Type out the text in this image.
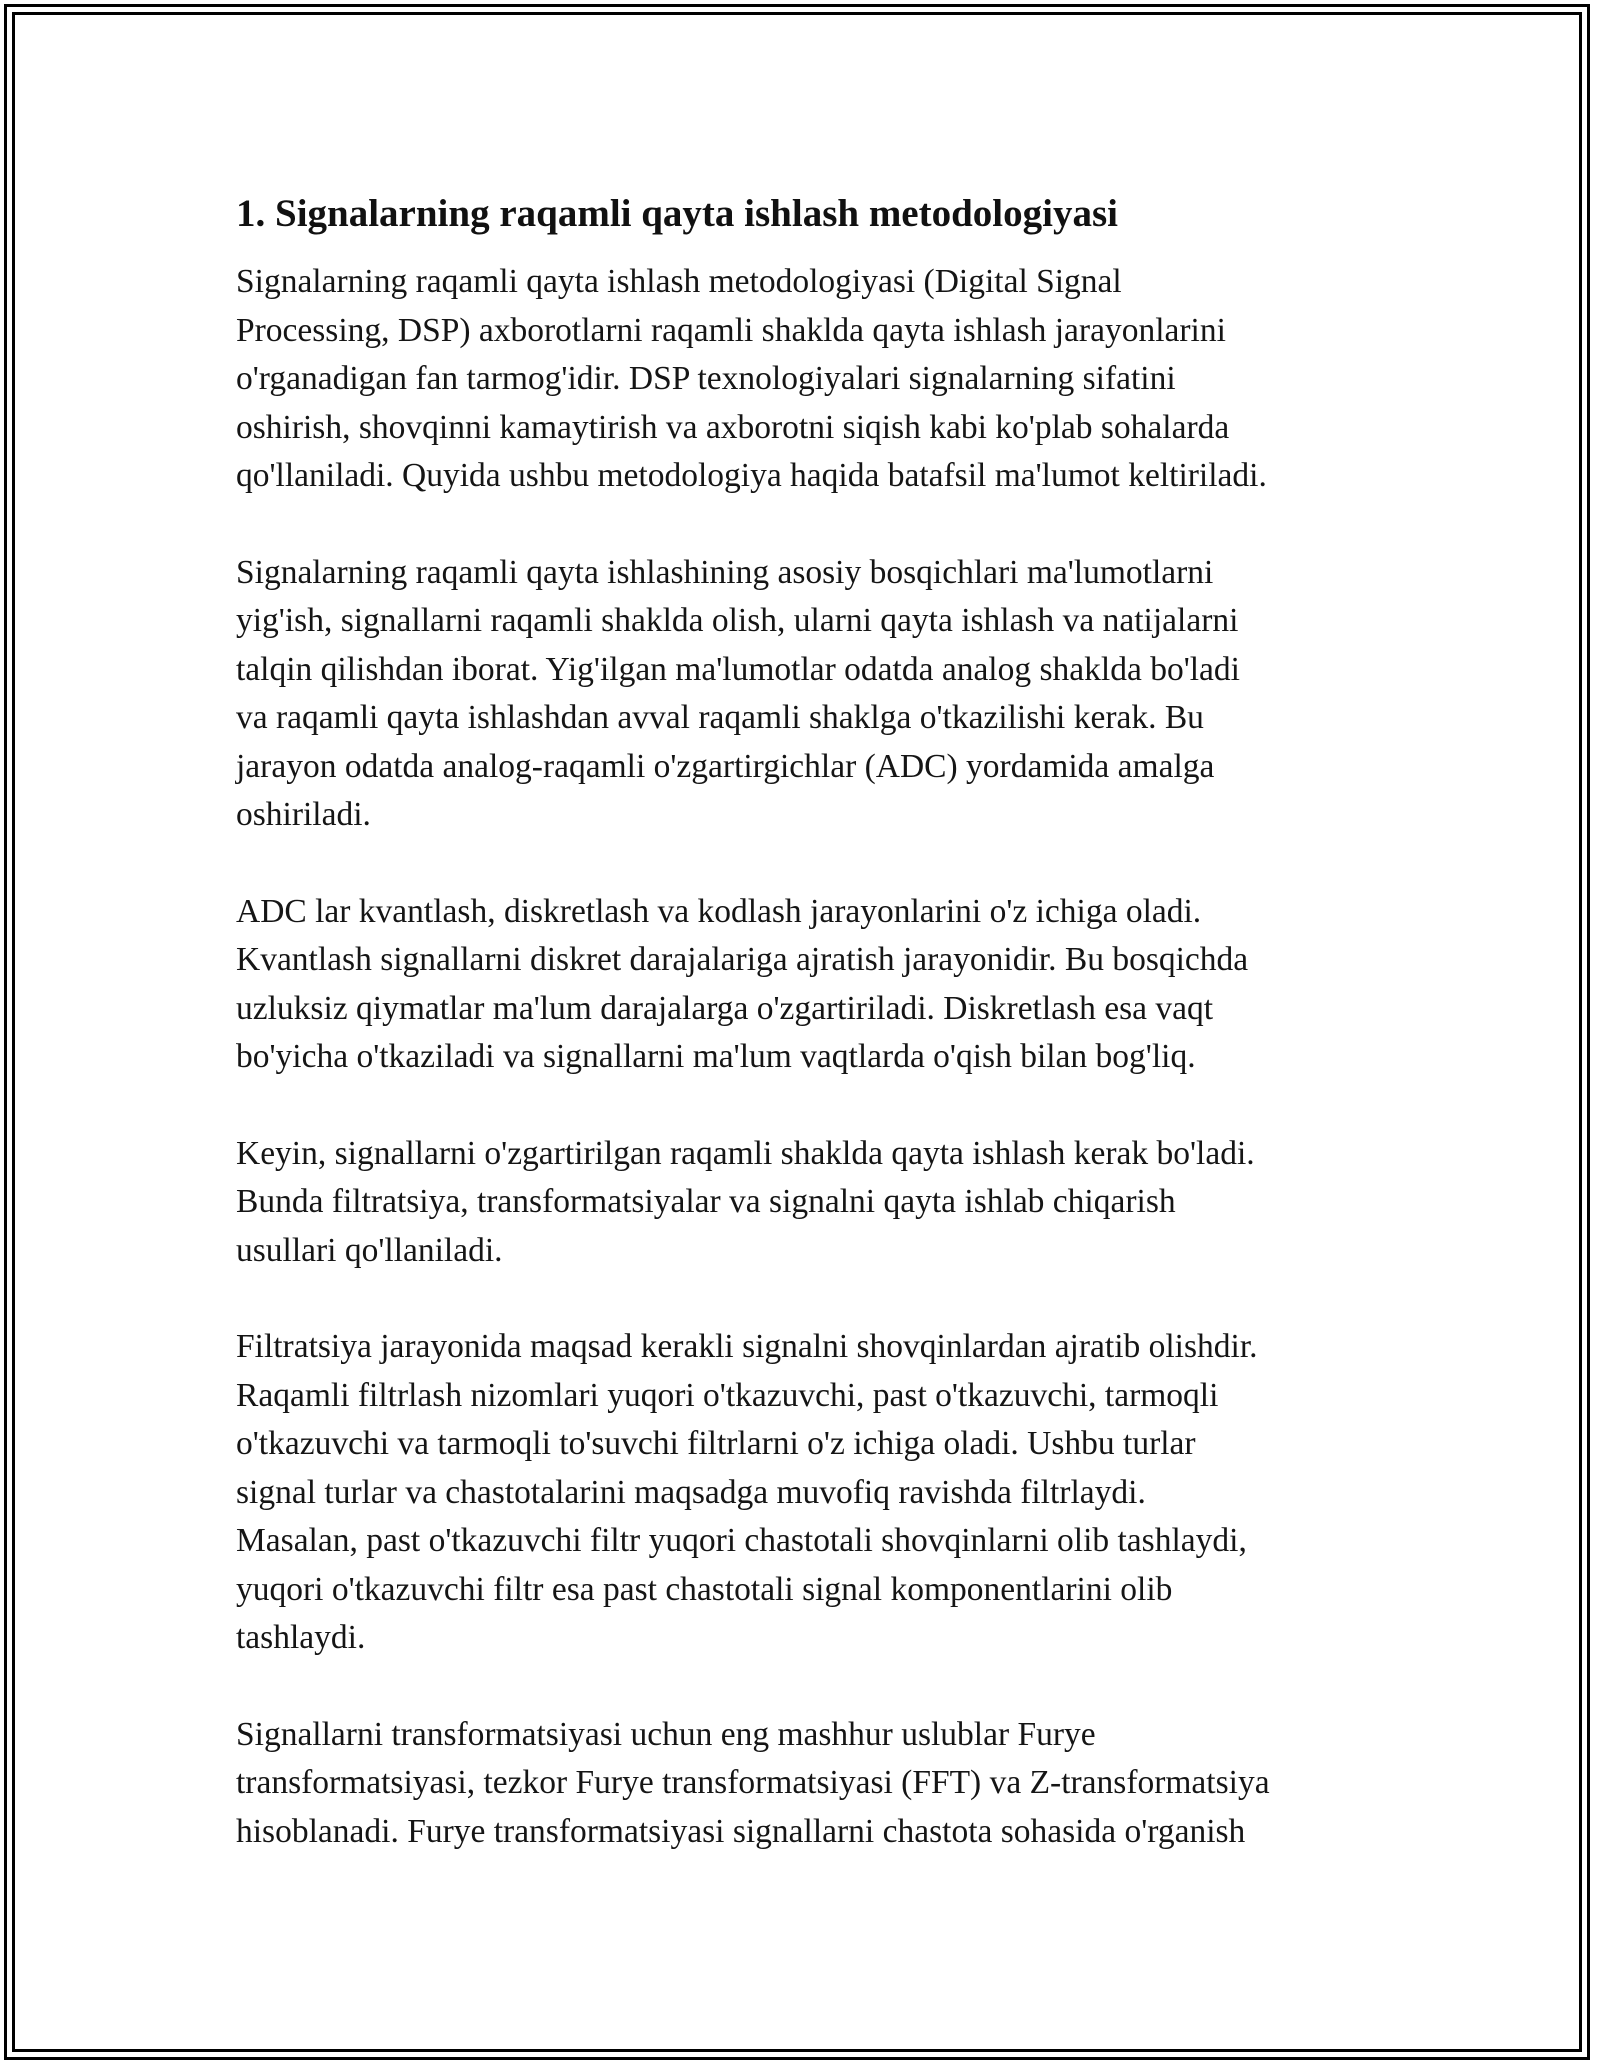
1. Signalarning raqamli qayta ishlash metodologiyasi

Signalarning raqamli qayta ishlash metodologiyasi (Digital Signal
Processing, DSP) axborotlarni raqamli shaklda qayta ishlash jarayonlarini
o'rganadigan fan tarmog'idir. DSP texnologiyalari signalarning sifatini
oshirish, shovqinni kamaytirish va axborotni siqish kabi ko'plab sohalarda
qo'llaniladi. Quyida ushbu metodologiya haqida batafsil ma'lumot keltiriladi.

Signalarning raqamli qayta ishlashining asosiy bosqichlari ma'lumotlarni
yig'ish, signallarni raqamli shaklda olish, ularni qayta ishlash va natijalarni
talqin qilishdan iborat. Yig'ilgan ma'lumotlar odatda analog shaklda bo'ladi
va raqamli qayta ishlashdan avval raqamli shaklga o'tkazilishi kerak. Bu
jarayon odatda analog-raqamli o'zgartirgichlar (ADC) yordamida amalga
oshiriladi.

ADC lar kvantlash, diskretlash va kodlash jarayonlarini o'z ichiga oladi.
Kvantlash signallarni diskret darajalariga ajratish jarayonidir. Bu bosqichda
uzluksiz qiymatlar ma'lum darajalarga o'zgartiriladi. Diskretlash esa vaqt
bo'yicha o'tkaziladi va signallarni ma'lum vaqtlarda o'qish bilan bog'liq.

Keyin, signallarni o'zgartirilgan raqamli shaklda qayta ishlash kerak bo'ladi.
Bunda filtratsiya, transformatsiyalar va signalni qayta ishlab chiqarish
usullari qo'llaniladi.

Filtratsiya jarayonida maqsad kerakli signalni shovqinlardan ajratib olishdir.
Raqamli filtrlash nizomlari yuqori o'tkazuvchi, past o'tkazuvchi, tarmoqli
o'tkazuvchi va tarmoqli to'suvchi filtrlarni o'z ichiga oladi. Ushbu turlar
signal turlar va chastotalarini maqsadga muvofiq ravishda filtrlaydi.
Masalan, past o'tkazuvchi filtr yuqori chastotali shovqinlarni olib tashlaydi,
yuqori o'tkazuvchi filtr esa past chastotali signal komponentlarini olib
tashlaydi.

Signallarni transformatsiyasi uchun eng mashhur uslublar Furye
transformatsiyasi, tezkor Furye transformatsiyasi (FFT) va Z-transformatsiya
hisoblanadi. Furye transformatsiyasi signallarni chastota sohasida o'rganish
